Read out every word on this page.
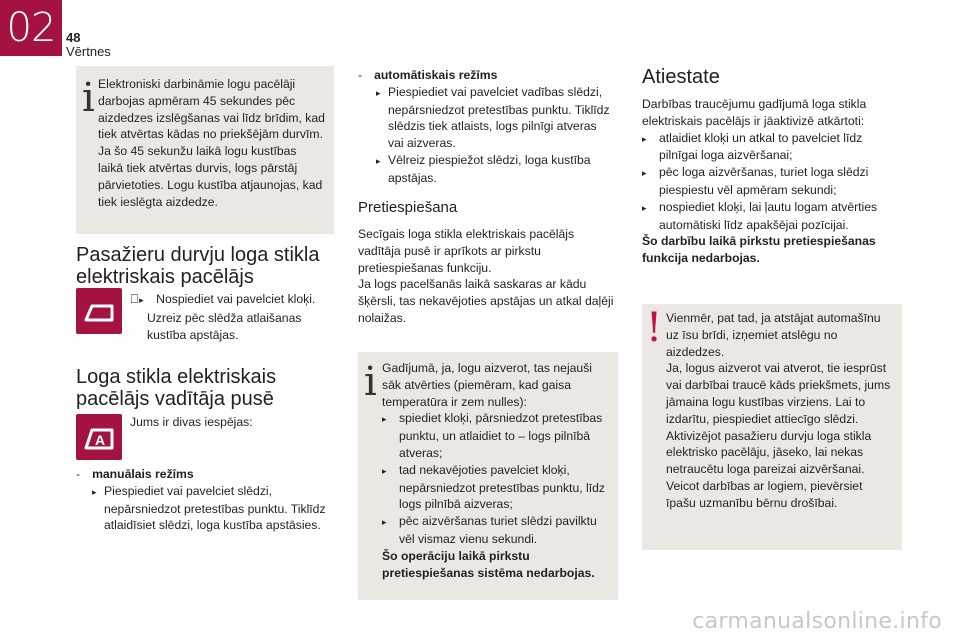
02 48
Vērtnes
i Elektroniski darbināmie logu pacēlāji

darbojas apmēram 45 sekundes pēc

aizdedzes izslēgšanas vai līdz brīdim, kad

tiek atvērtas kādas no priekšējām durvīm.

Ja šo 45 sekunžu laikā logu kustības

laikā tiek atvērtas durvis, logs pārstāj

pārvietoties. Logu kustība atjaunojas, kad

tiek ieslēgta aizdedze.

Pasažieru durvju loga stikla
elektriskais pacēlājs

▸ Nospiediet vai pavelciet kloķi.

Uzreiz pēc slēdža atlaišanas

kustība apstājas.

Loga stikla elektriskais
pacēlājs vadītāja pusē
A
Jums ir divas iespējas:

- manuālais režīms

▸ Piespiediet vai pavelciet slēdzi,

nepārsniedzot pretestības punktu. Tiklīdz

atlaidīsiet slēdzi, loga kustība apstāsies.

- automātiskais režīms

▸ Piespiediet vai pavelciet vadības slēdzi,

nepārsniedzot pretestības punktu. Tiklīdz

slēdzis tiek atlaists, logs pilnīgi atveras

vai aizveras.

▸ Vēlreiz piespiežot slēdzi, loga kustība

apstājas.

Pretiespiešana

Secīgais loga stikla elektriskais pacēlājs

vadītāja pusē ir aprīkots ar pirkstu

pretiespiešanas funkciju.

Ja logs pacelšanās laikā saskaras ar kādu

šķērsli, tas nekavējoties apstājas un atkal daļēji

nolaižas.

i Gadījumā, ja, logu aizverot, tas nejauši

sāk atvērties (piemēram, kad gaisa

temperatūra ir zem nulles):

▸ spiediet kloķi, pārsniedzot pretestības

punktu, un atlaidiet to – logs pilnībā

atveras;

▸ tad nekavējoties pavelciet kloķi,

nepārsniedzot pretestības punktu, līdz

logs pilnībā aizveras;

▸ pēc aizvēršanas turiet slēdzi pavilktu

vēl vismaz vienu sekundi.

Šo operāciju laikā pirkstu

pretiespiešanas sistēma nedarbojas.

Atiestate

Darbības traucējumu gadījumā loga stikla

elektriskais pacēlājs ir jāaktivizē atkārtoti:

▸ atlaidiet kloķi un atkal to pavelciet līdz

pilnīgai loga aizvēršanai;

▸ pēc loga aizvēršanas, turiet loga slēdzi

piespiestu vēl apmēram sekundi;

▸ nospiediet kloķi, lai ļautu logam atvērties

automātiski līdz apakšējai pozīcijai.

Šo darbību laikā pirkstu pretiespiešanas

funkcija nedarbojas.

! Vienmēr, pat tad, ja atstājat automašīnu

uz īsu brīdi, izņemiet atslēgu no

aizdedzes.

Ja, logus aizverot vai atverot, tie iesprūst

vai darbībai traucē kāds priekšmets, jums

jāmaina logu kustības virziens. Lai to

izdarītu, piespiediet attiecīgo slēdzi.

Aktivizējot pasažieru durvju loga stikla

elektrisko pacēlāju, jāseko, lai nekas

netraucētu loga pareizai aizvēršanai.

Veicot darbības ar logiem, pievērsiet

īpašu uzmanību bērnu drošībai.

carmanualsonline.info
